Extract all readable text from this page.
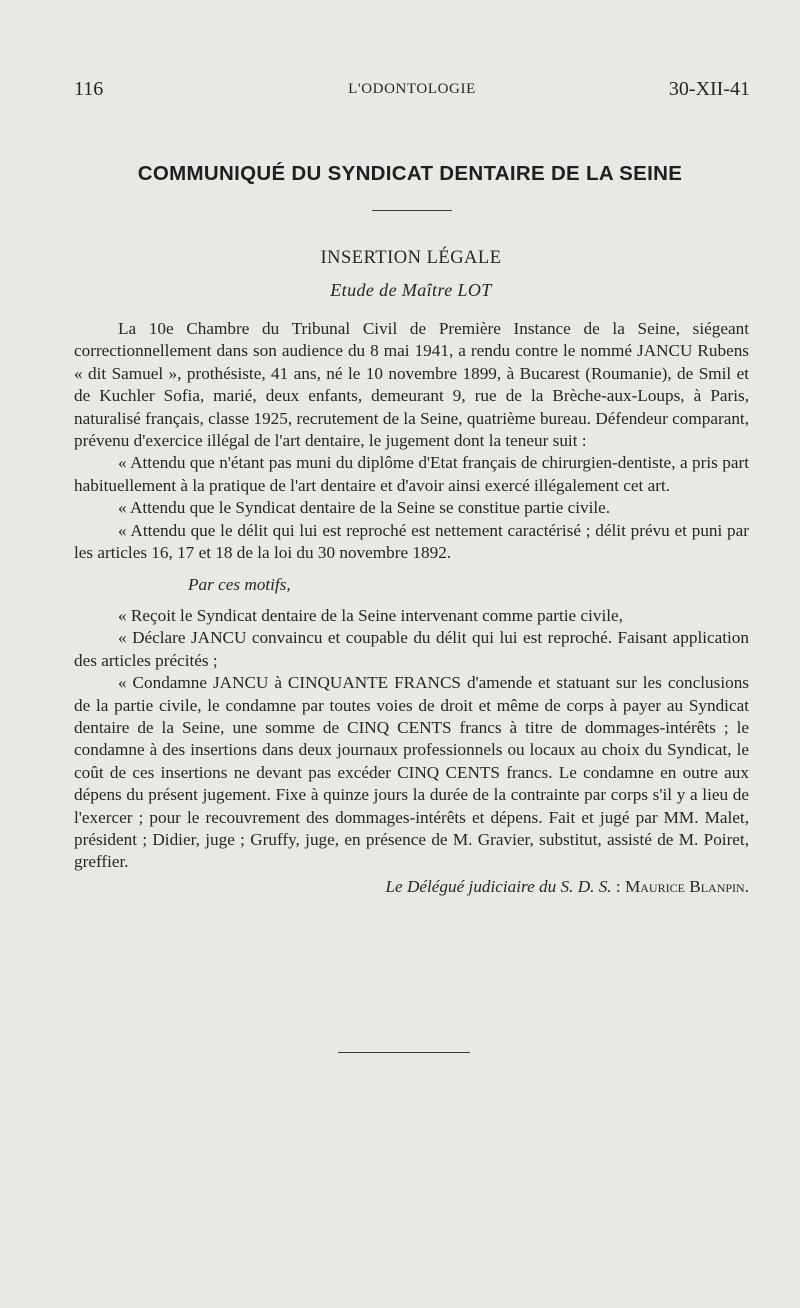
116	L'ODONTOLOGIE	30-XII-41
COMMUNIQUÉ DU SYNDICAT DENTAIRE DE LA SEINE
INSERTION LÉGALE
Etude de Maître LOT

La 10e Chambre du Tribunal Civil de Première Instance de la Seine, siégeant correctionnellement dans son audience du 8 mai 1941, a rendu contre le nommé JANCU Rubens « dit Samuel », prothésiste, 41 ans, né le 10 novembre 1899, à Bucarest (Roumanie), de Smil et de Kuchler Sofia, marié, deux enfants, demeurant 9, rue de la Brèche-aux-Loups, à Paris, naturalisé français, classe 1925, recrutement de la Seine, quatrième bureau. Défendeur comparant, prévenu d'exercice illégal de l'art dentaire, le jugement dont la teneur suit :

« Attendu que n'étant pas muni du diplôme d'Etat français de chirurgien-dentiste, a pris part habituellement à la pratique de l'art dentaire et d'avoir ainsi exercé illégalement cet art.

« Attendu que le Syndicat dentaire de la Seine se constitue partie civile.

« Attendu que le délit qui lui est reproché est nettement caractérisé ; délit prévu et puni par les articles 16, 17 et 18 de la loi du 30 novembre 1892.

Par ces motifs,

« Reçoit le Syndicat dentaire de la Seine intervenant comme partie civile,

« Déclare JANCU convaincu et coupable du délit qui lui est reproché. Faisant application des articles précités ;

« Condamne JANCU à CINQUANTE FRANCS d'amende et statuant sur les conclusions de la partie civile, le condamne par toutes voies de droit et même de corps à payer au Syndicat dentaire de la Seine, une somme de CINQ CENTS francs à titre de dommages-intérêts ; le condamne à des insertions dans deux journaux professionnels ou locaux au choix du Syndicat, le coût de ces insertions ne devant pas excéder CINQ CENTS francs. Le condamne en outre aux dépens du présent jugement. Fixe à quinze jours la durée de la contrainte par corps s'il y a lieu de l'exercer ; pour le recouvrement des dommages-intérêts et dépens. Fait et jugé par MM. Malet, président ; Didier, juge ; Gruffy, juge, en présence de M. Gravier, substitut, assisté de M. Poiret, greffier.

Le Délégué judiciaire du S. D. S. : Maurice Blanpin.
